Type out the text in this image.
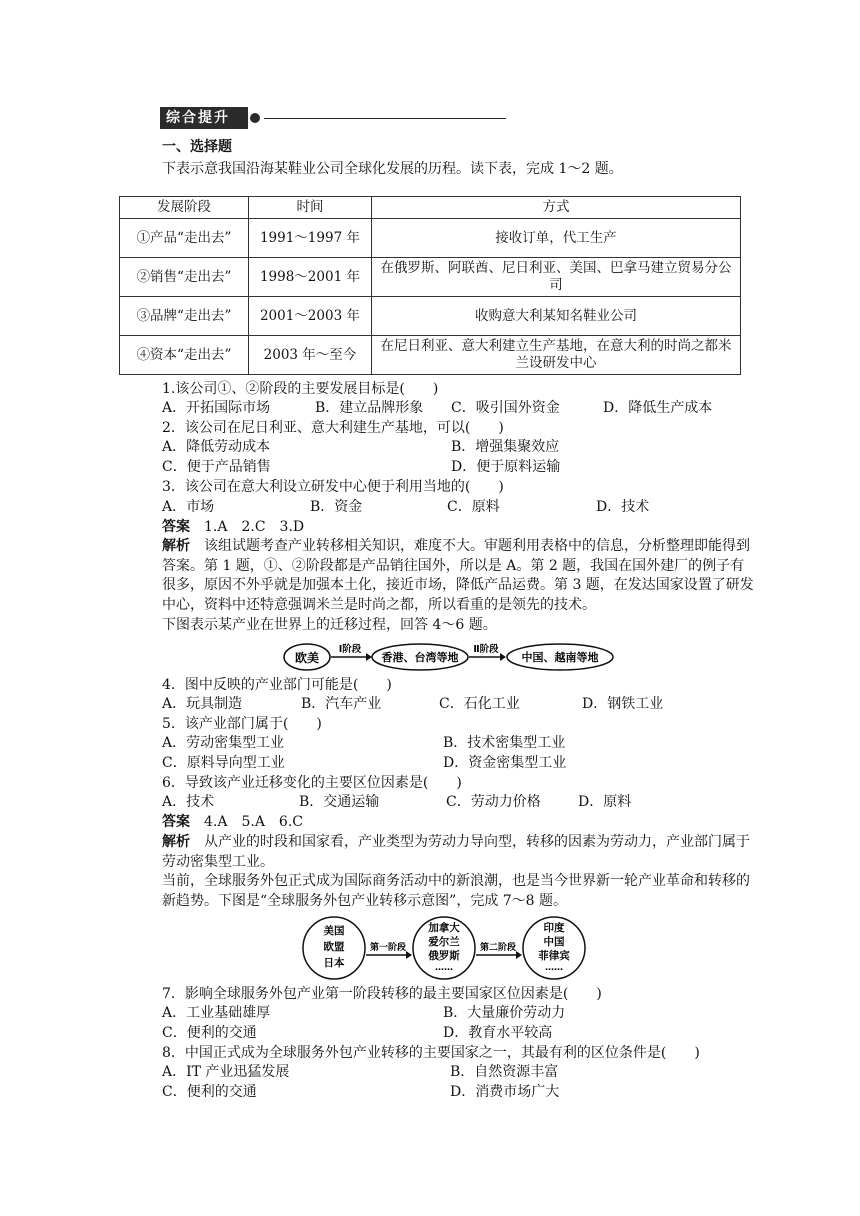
综合提升
一、选择题
下表示意我国沿海某鞋业公司全球化发展的历程。读下表，完成 1～2 题。
发展阶段	时间	方式
①产品“走出去”	1991～1997 年	接收订单，代工生产
②销售“走出去”	1998～2001 年	在俄罗斯、阿联酋、尼日利亚、美国、巴拿马建立贸易分公司
③品牌“走出去”	2001～2003 年	收购意大利某知名鞋业公司
④资本“走出去”	2003 年～至今	在尼日利亚、意大利建立生产基地，在意大利的时尚之都米兰设研发中心
1.该公司①、②阶段的主要发展目标是(　　)
A．开拓国际市场	B．建立品牌形象 C．吸引国外资金	D．降低生产成本
2．该公司在尼日利亚、意大利建生产基地，可以(　　)
A．降低劳动成本	B．增强集聚效应
C．便于产品销售	D．便于原料运输
3．该公司在意大利设立研发中心便于利用当地的(　　)
A．市场	B．资金	C．原料	D．技术
答案　 1.A　2.C　3.D
解析　 该组试题考查产业转移相关知识，难度不大。审题利用表格中的信息，分析整理即能得到答案。第 1 题，①、②阶段都是产品销往国外，所以是 A。第 2 题，我国在国外建厂的例子有很多，原因不外乎就是加强本土化，接近市场，降低产品运费。第 3 题，在发达国家设置了研发中心，资料中还特意强调米兰是时尚之都，所以看重的是领先的技术。
下图表示某产业在世界上的迁移过程，回答 4～6 题。
欧美
Ⅰ阶段
香港、台湾等地
Ⅱ阶段
中国、越南等地
4．图中反映的产业部门可能是(　　)
A．玩具制造	B．汽车产业	C．石化工业	D．钢铁工业
5．该产业部门属于(　　)
A．劳动密集型工业	B．技术密集型工业
C．原料导向型工业	D．资金密集型工业
6．导致该产业迁移变化的主要区位因素是(　　)
A．技术	B．交通运输	C．劳动力价格	D．原料
答案　 4.A　5.A　6.C
解析　 从产业的时段和国家看，产业类型为劳动力导向型，转移的因素为劳动力，产业部门属于劳动密集型工业。
当前，全球服务外包正式成为国际商务活动中的新浪潮，也是当今世界新一轮产业革命和转移的新趋势。下图是“全球服务外包产业转移示意图”，完成 7～8 题。
美国
欧盟
日本
第一阶段
加拿大
爱尔兰
俄罗斯
……
第二阶段
印度
中国
菲律宾
……
7．影响全球服务外包产业第一阶段转移的最主要国家区位因素是(　　)
A．工业基础雄厚	B．大量廉价劳动力
C．便利的交通	D．教育水平较高
8．中国正式成为全球服务外包产业转移的主要国家之一，其最有利的区位条件是(　　)
A．IT 产业迅猛发展	B．自然资源丰富
C．便利的交通	D．消费市场广大
